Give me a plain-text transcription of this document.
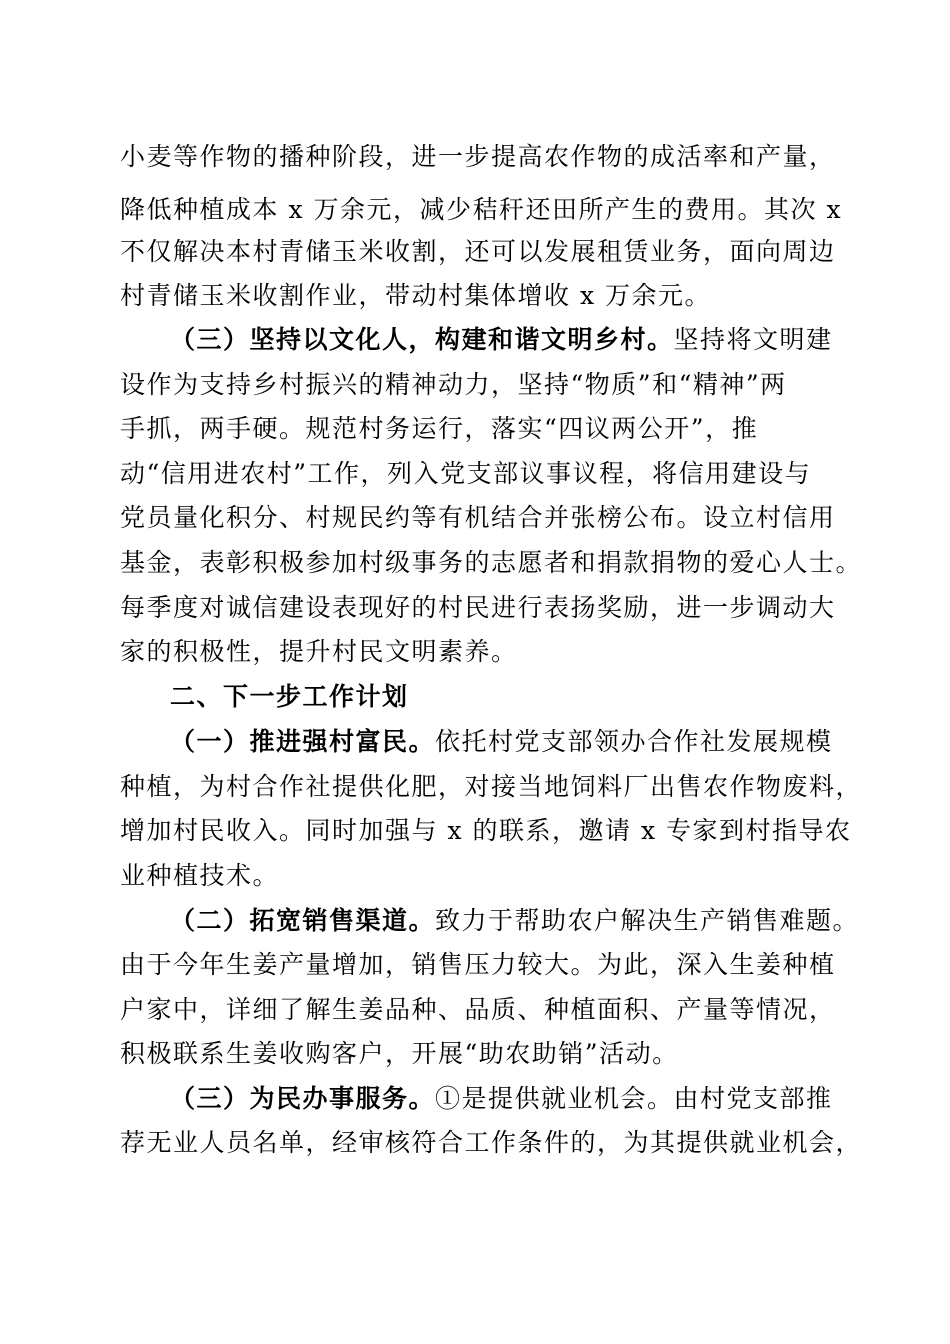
小麦等作物的播种阶段，进一步提高农作物的成活率和产量，
降低种植成本 x 万余元，减少秸秆还田所产生的费用。其次 x
不仅解决本村青储玉米收割，还可以发展租赁业务，面向周边
村青储玉米收割作业，带动村集体增收 x 万余元。
（三）坚持以文化人，构建和谐文明乡村。坚持将文明建
设作为支持乡村振兴的精神动力，坚持“物质”和“精神”两
手抓，两手硬。规范村务运行，落实“四议两公开”，推
动“信用进农村”工作，列入党支部议事议程，将信用建设与
党员量化积分、村规民约等有机结合并张榜公布。设立村信用
基金，表彰积极参加村级事务的志愿者和捐款捐物的爱心人士。
每季度对诚信建设表现好的村民进行表扬奖励，进一步调动大
家的积极性，提升村民文明素养。
二、下一步工作计划
（一）推进强村富民。依托村党支部领办合作社发展规模
种植，为村合作社提供化肥，对接当地饲料厂出售农作物废料，
增加村民收入。同时加强与 x 的联系，邀请 x 专家到村指导农
业种植技术。
（二）拓宽销售渠道。致力于帮助农户解决生产销售难题。
由于今年生姜产量增加，销售压力较大。为此，深入生姜种植
户家中，详细了解生姜品种、品质、种植面积、产量等情况，
积极联系生姜收购客户，开展“助农助销”活动。
（三）为民办事服务。①是提供就业机会。由村党支部推
荐无业人员名单，经审核符合工作条件的，为其提供就业机会，
